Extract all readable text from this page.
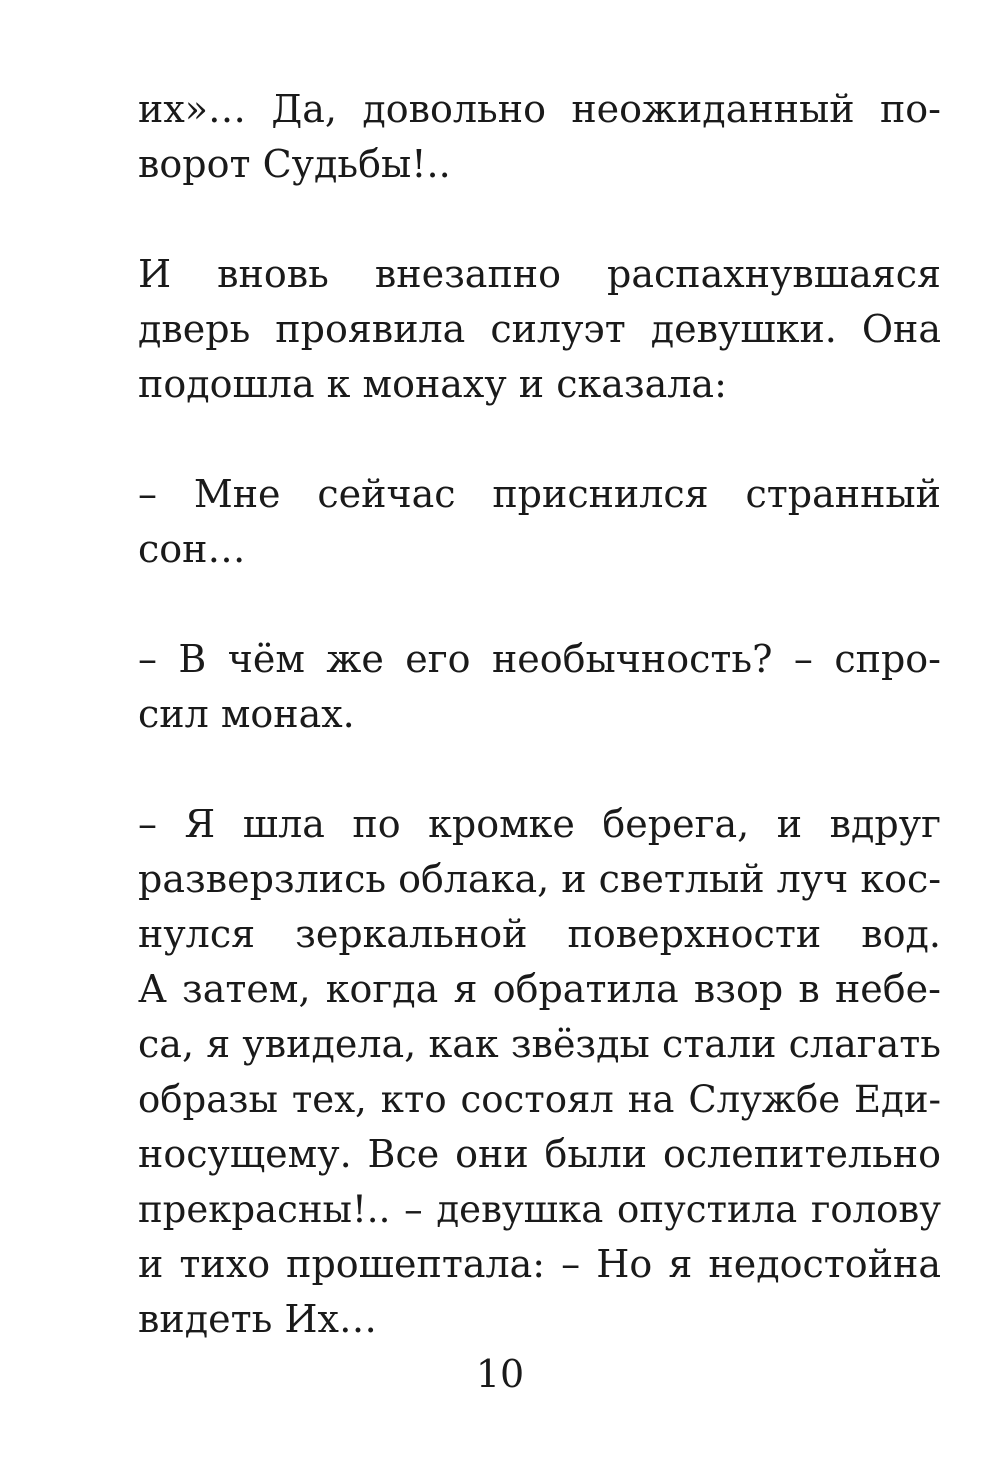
их»… Да, довольно неожиданный по-
ворот Судьбы!..

И вновь внезапно распахнувшаяся
дверь проявила силуэт девушки. Она
подошла к монаху и сказала:

– Мне сейчас приснился странный
сон…

– В чём же его необычность? – спро-
сил монах.

– Я шла по кромке берега, и вдруг
разверзлись облака, и светлый луч кос-
нулся зеркальной поверхности вод.
А затем, когда я обратила взор в небе-
са, я увидела, как звёзды стали слагать
образы тех, кто состоял на Службе Еди-
носущему. Все они были ослепительно
прекрасны!.. – девушка опустила голову
и тихо прошептала: – Но я недостойна
видеть Их…

10
